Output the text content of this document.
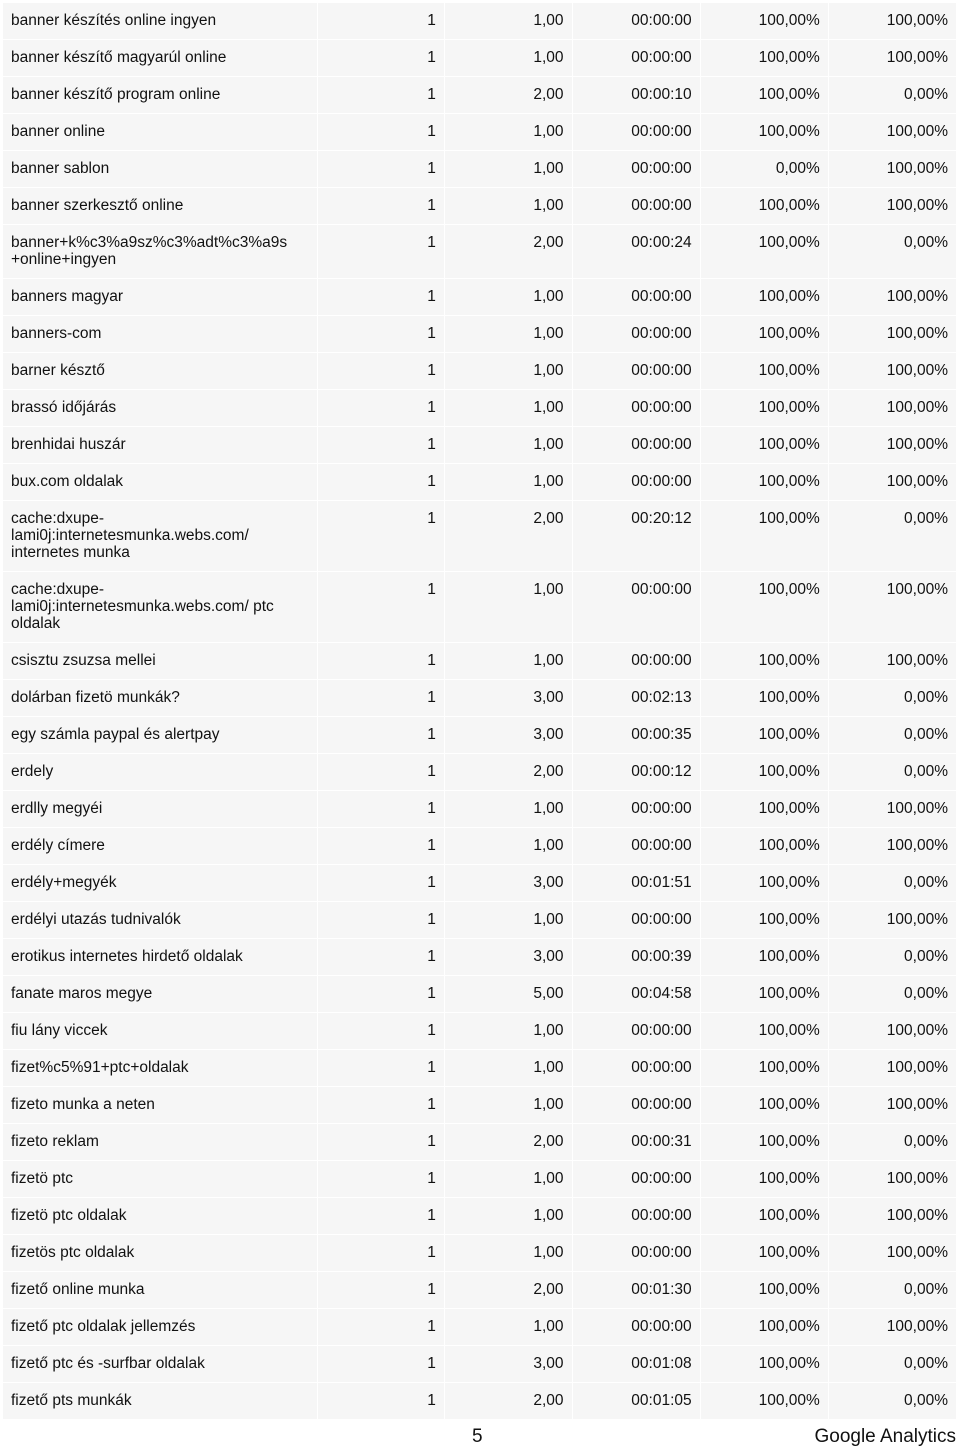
banner készítés online ingyen	1	1,00	00:00:00	100,00%	100,00%
banner készítő magyarúl online	1	1,00	00:00:00	100,00%	100,00%
banner készítő program online	1	2,00	00:00:10	100,00%	0,00%
banner online	1	1,00	00:00:00	100,00%	100,00%
banner sablon	1	1,00	00:00:00	0,00%	100,00%
banner szerkesztő online	1	1,00	00:00:00	100,00%	100,00%
banner+k%c3%a9sz%c3%adt%c3%a9s +online+ingyen	1	2,00	00:00:24	100,00%	0,00%
banners magyar	1	1,00	00:00:00	100,00%	100,00%
banners-com	1	1,00	00:00:00	100,00%	100,00%
barner késztő	1	1,00	00:00:00	100,00%	100,00%
brassó időjárás	1	1,00	00:00:00	100,00%	100,00%
brenhidai huszár	1	1,00	00:00:00	100,00%	100,00%
bux.com oldalak	1	1,00	00:00:00	100,00%	100,00%
cache:dxupe-lami0j:internetesmunka.webs.com/ internetes munka	1	2,00	00:20:12	100,00%	0,00%
cache:dxupe-lami0j:internetesmunka.webs.com/ ptc oldalak	1	1,00	00:00:00	100,00%	100,00%
csisztu zsuzsa mellei	1	1,00	00:00:00	100,00%	100,00%
dolárban fizetö munkák?	1	3,00	00:02:13	100,00%	0,00%
egy számla paypal és alertpay	1	3,00	00:00:35	100,00%	0,00%
erdely	1	2,00	00:00:12	100,00%	0,00%
erdlly megyéi	1	1,00	00:00:00	100,00%	100,00%
erdély címere	1	1,00	00:00:00	100,00%	100,00%
erdély+megyék	1	3,00	00:01:51	100,00%	0,00%
erdélyi utazás tudnivalók	1	1,00	00:00:00	100,00%	100,00%
erotikus internetes hirdető oldalak	1	3,00	00:00:39	100,00%	0,00%
fanate maros megye	1	5,00	00:04:58	100,00%	0,00%
fiu lány viccek	1	1,00	00:00:00	100,00%	100,00%
fizet%c5%91+ptc+oldalak	1	1,00	00:00:00	100,00%	100,00%
fizeto munka a neten	1	1,00	00:00:00	100,00%	100,00%
fizeto reklam	1	2,00	00:00:31	100,00%	0,00%
fizetö ptc	1	1,00	00:00:00	100,00%	100,00%
fizetö ptc oldalak	1	1,00	00:00:00	100,00%	100,00%
fizetös ptc oldalak	1	1,00	00:00:00	100,00%	100,00%
fizető online munka	1	2,00	00:01:30	100,00%	0,00%
fizető ptc oldalak jellemzés	1	1,00	00:00:00	100,00%	100,00%
fizető ptc és -surfbar oldalak	1	3,00	00:01:08	100,00%	0,00%
fizető pts munkák	1	2,00	00:01:05	100,00%	0,00%
5	Google Analytics
